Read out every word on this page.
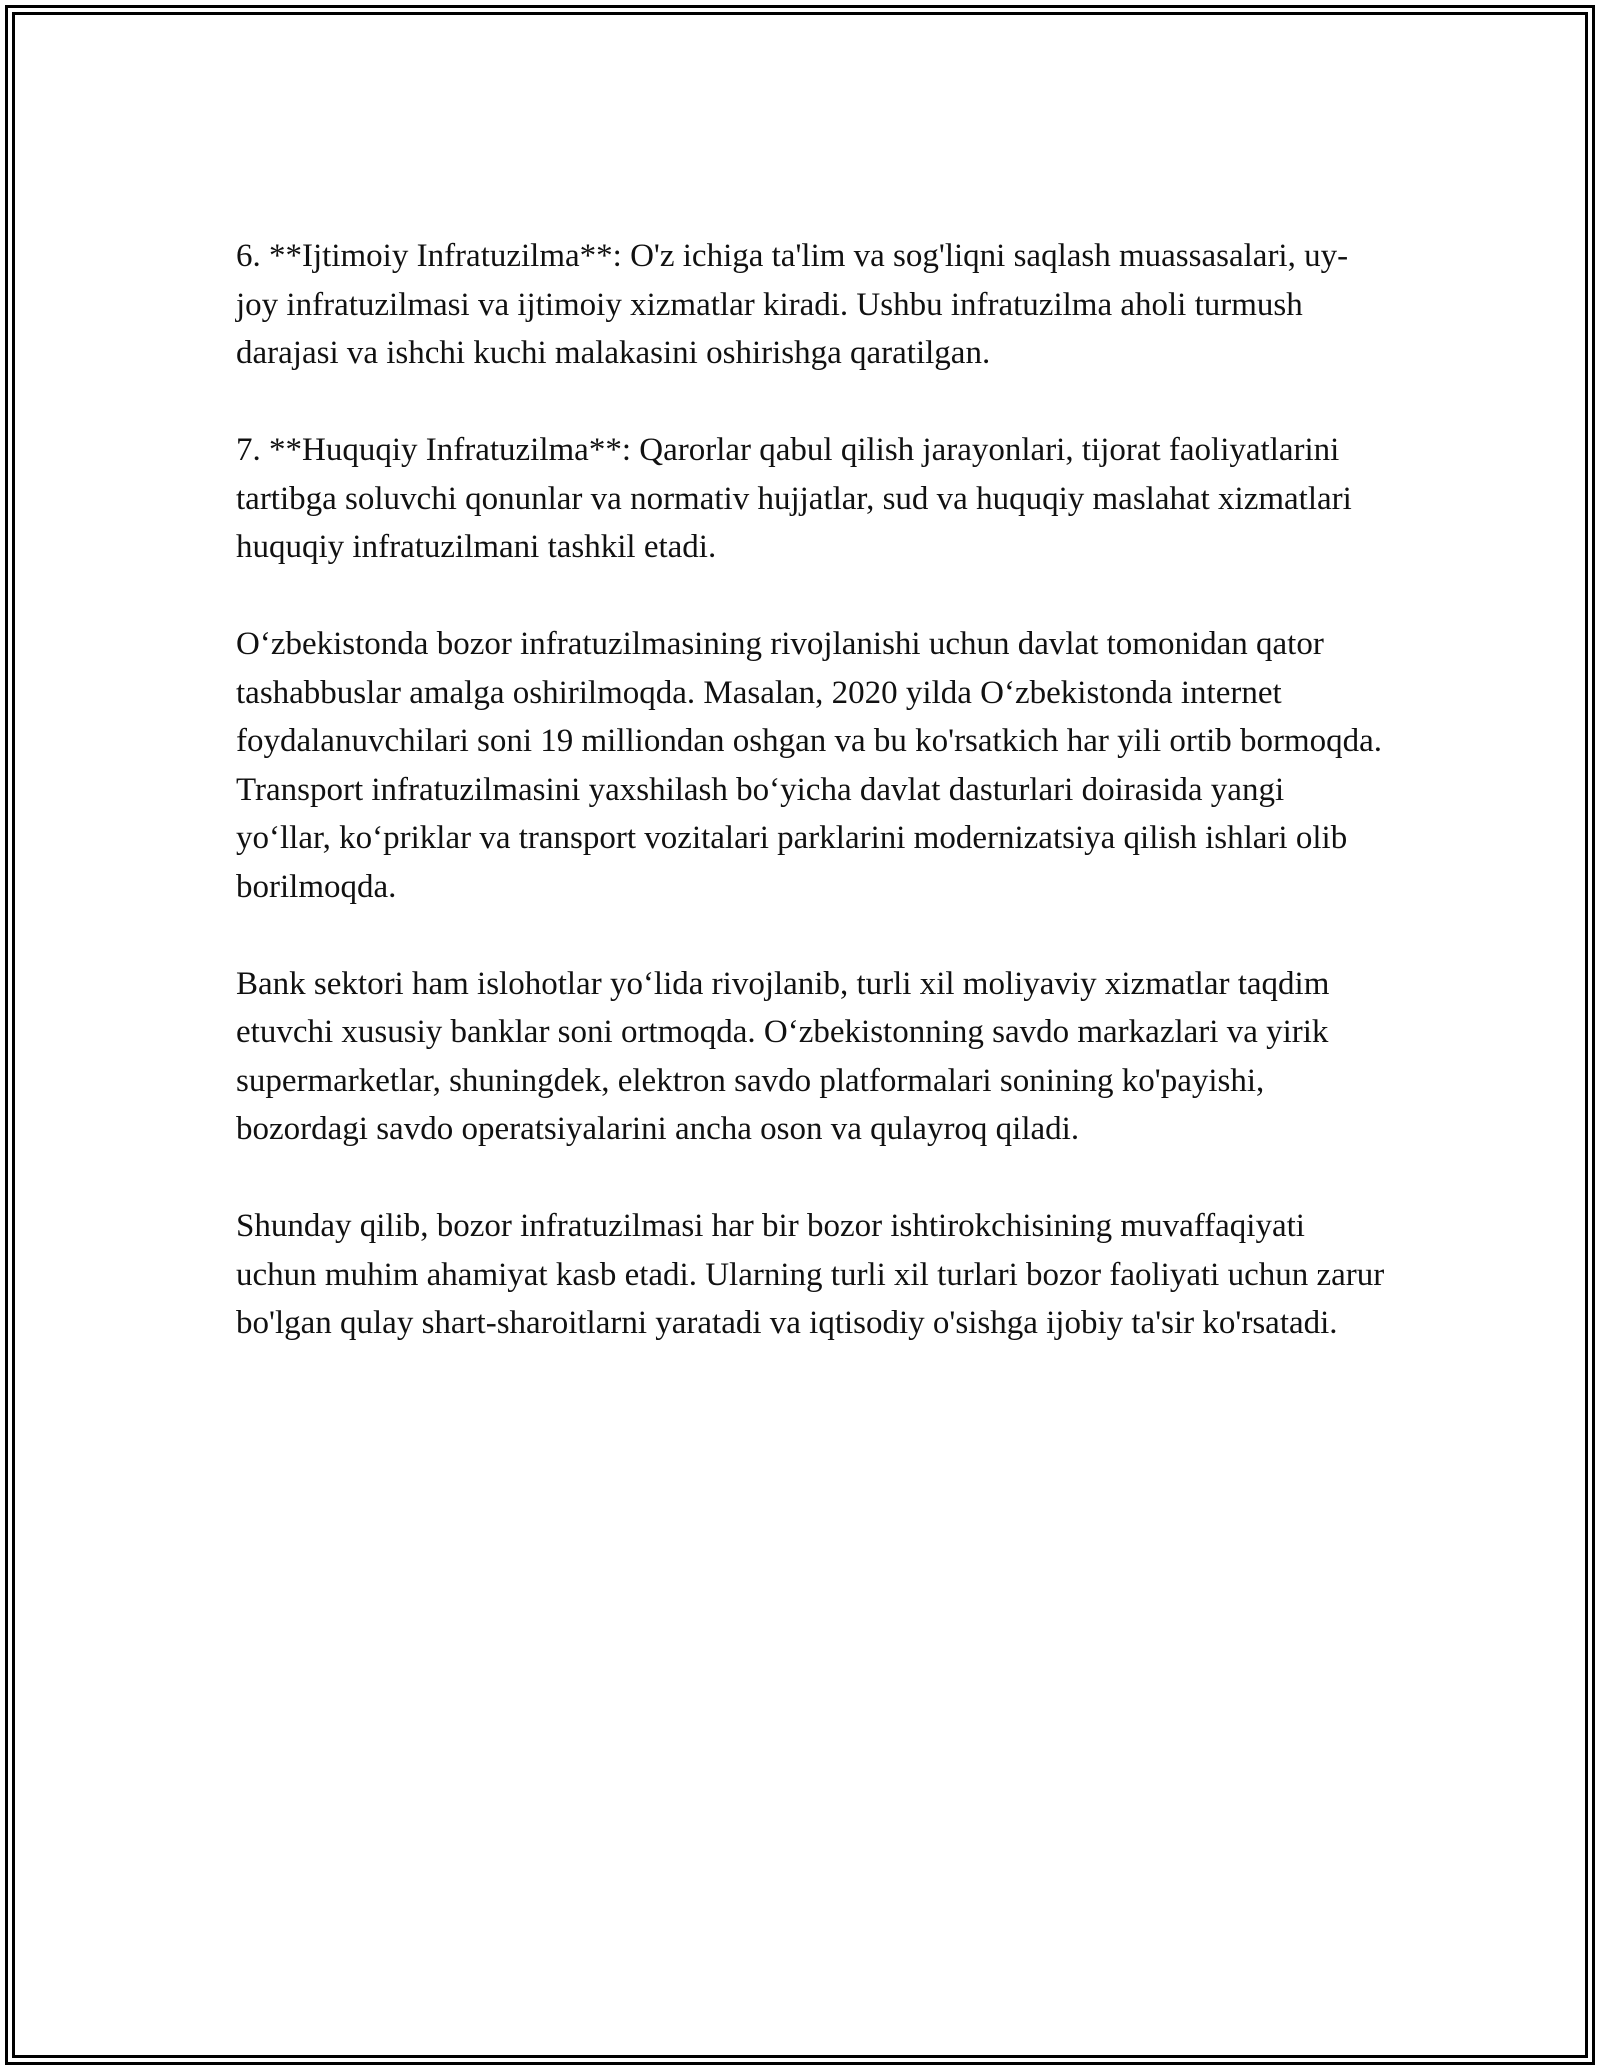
6. **Ijtimoiy Infratuzilma**: O'z ichiga ta'lim va sog'liqni saqlash muassasalari, uy-joy infratuzilmasi va ijtimoiy xizmatlar kiradi. Ushbu infratuzilma aholi turmush darajasi va ishchi kuchi malakasini oshirishga qaratilgan.

7. **Huquqiy Infratuzilma**: Qarorlar qabul qilish jarayonlari, tijorat faoliyatlarini tartibga soluvchi qonunlar va normativ hujjatlar, sud va huquqiy maslahat xizmatlari huquqiy infratuzilmani tashkil etadi.

O‘zbekistonda bozor infratuzilmasining rivojlanishi uchun davlat tomonidan qator tashabbuslar amalga oshirilmoqda. Masalan, 2020 yilda O‘zbekistonda internet foydalanuvchilari soni 19 milliondan oshgan va bu ko'rsatkich har yili ortib bormoqda. Transport infratuzilmasini yaxshilash bo‘yicha davlat dasturlari doirasida yangi yo‘llar, ko‘priklar va transport vozitalari parklarini modernizatsiya qilish ishlari olib borilmoqda.

Bank sektori ham islohotlar yo‘lida rivojlanib, turli xil moliyaviy xizmatlar taqdim etuvchi xususiy banklar soni ortmoqda. O‘zbekistonning savdo markazlari va yirik supermarketlar, shuningdek, elektron savdo platformalari sonining ko'payishi, bozordagi savdo operatsiyalarini ancha oson va qulayroq qiladi.

Shunday qilib, bozor infratuzilmasi har bir bozor ishtirokchisining muvaffaqiyati uchun muhim ahamiyat kasb etadi. Ularning turli xil turlari bozor faoliyati uchun zarur bo'lgan qulay shart-sharoitlarni yaratadi va iqtisodiy o'sishga ijobiy ta'sir ko'rsatadi.
